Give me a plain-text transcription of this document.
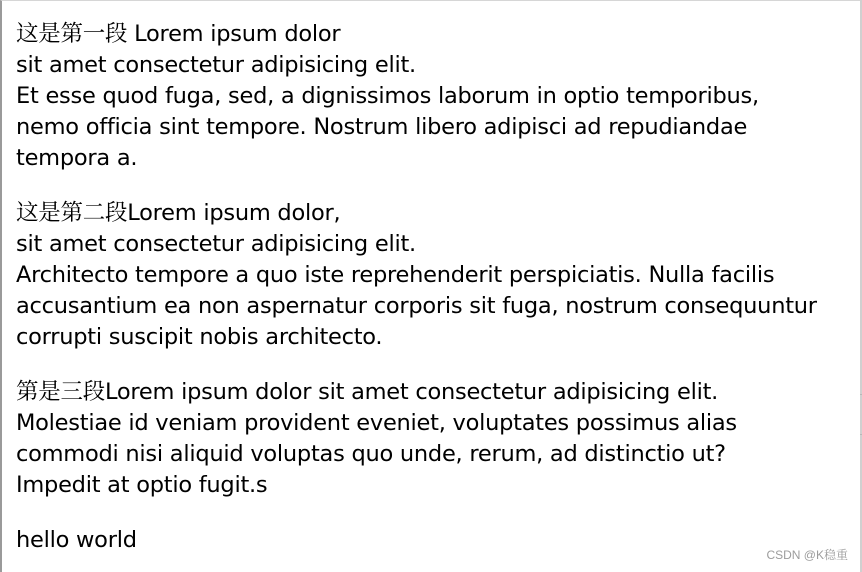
这是第一段 Lorem ipsum dolor
sit amet consectetur adipisicing elit.
Et esse quod fuga, sed, a dignissimos laborum in optio temporibus,
nemo officia sint tempore. Nostrum libero adipisci ad repudiandae
tempora a.

这是第二段Lorem ipsum dolor,
sit amet consectetur adipisicing elit.
Architecto tempore a quo iste reprehenderit perspiciatis. Nulla facilis
accusantium ea non aspernatur corporis sit fuga, nostrum consequuntur
corrupti suscipit nobis architecto.

第是三段Lorem ipsum dolor sit amet consectetur adipisicing elit.
Molestiae id veniam provident eveniet, voluptates possimus alias
commodi nisi aliquid voluptas quo unde, rerum, ad distinctio ut?
Impedit at optio fugit.s

hello world

CSDN @K稳重
